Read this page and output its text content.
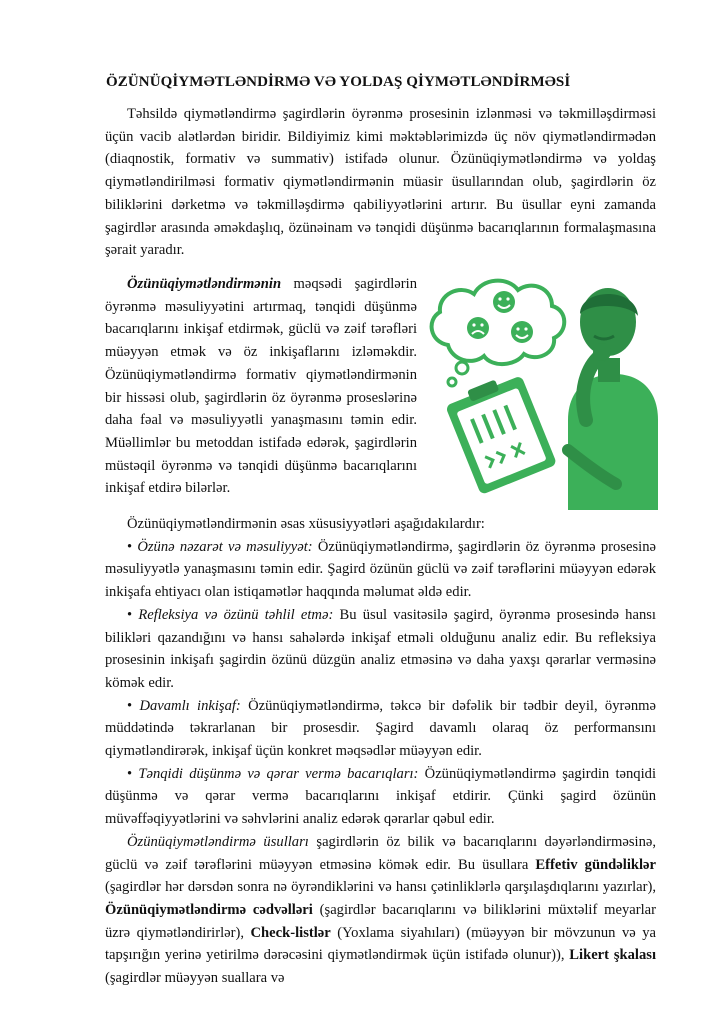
ÖZÜNÜQİYMƏTLƏNDİRMƏ VƏ YOLDAŞ QİYMƏTLƏNDİRMƏSİ

Təhsildə qiymətləndirmə şagirdlərin öyrənmə prosesinin izlənməsi və təkmilləşdirməsi üçün vacib alətlərdən biridir. Bildiyimiz kimi məktəblərimizdə üç növ qiymətləndirmədən (diaqnostik, formativ və summativ) istifadə olunur. Özünüqiymətləndirmə və yoldaş qiymətləndirilməsi formativ qiymətləndirmənin müasir üsullarından olub, şagirdlərin öz biliklərini dərketmə və təkmilləşdirmə qabiliyyətlərini artırır. Bu üsullar eyni zamanda şagirdlər arasında əməkdaşlıq, özünəinam və tənqidi düşünmə bacarıqlarının formalaşmasına şərait yaradır.

Özünüqiymətləndirmənin məqsədi şagirdlərin öyrənmə məsuliyyətini artırmaq, tənqidi düşünmə bacarıqlarını inkişaf etdirmək, güclü və zəif tərəfləri müəyyən etmək və öz inkişaflarını izləməkdir. Özünüqiymətləndirmə formativ qiymətləndirmənin bir hissəsi olub, şagirdlərin öz öyrənmə proseslərinə daha fəal və məsuliyyətli yanaşmasını təmin edir. Müəllimlər bu metoddan istifadə edərək, şagirdlərin müstəqil öyrənmə və tənqidi düşünmə bacarıqlarını inkişaf etdirə bilərlər.

Özünüqiymətləndirmənin əsas xüsusiyyətləri aşağıdakılardır:

• Özünə nəzarət və məsuliyyət: Özünüqiymətləndirmə, şagirdlərin öz öyrənmə prosesinə məsuliyyətlə yanaşmasını təmin edir. Şagird özünün güclü və zəif tərəflərini müəyyən edərək inkişafa ehtiyacı olan istiqamətlər haqqında məlumat əldə edir.

• Refleksiya və özünü təhlil etmə: Bu üsul vasitəsilə şagird, öyrənmə prosesində hansı bilikləri qazandığını və hansı sahələrdə inkişaf etməli olduğunu analiz edir. Bu refleksiya prosesinin inkişafı şagirdin özünü düzgün analiz etməsinə və daha yaxşı qərarlar verməsinə kömək edir.

• Davamlı inkişaf: Özünüqiymətləndirmə, təkcə bir dəfəlik bir tədbir deyil, öyrənmə müddətində təkrarlanan bir prosesdir. Şagird davamlı olaraq öz performansını qiymətləndirərək, inkişaf üçün konkret məqsədlər müəyyən edir.

• Tənqidi düşünmə və qərar vermə bacarıqları: Özünüqiymətləndirmə şagirdin tənqidi düşünmə və qərar vermə bacarıqlarını inkişaf etdirir. Çünki şagird özünün müvəffəqiyyətlərini və səhvlərini analiz edərək qərarlar qəbul edir.

Özünüqiymətləndirmə üsulları şagirdlərin öz bilik və bacarıqlarını dəyərləndirməsinə, güclü və zəif tərəflərini müəyyən etməsinə kömək edir. Bu üsullara Effetiv gündəliklər (şagirdlər hər dərsdən sonra nə öyrəndiklərini və hansı çətinliklərlə qarşılaşdıqlarını yazırlar), Özünüqiymətləndirmə cədvəlləri (şagirdlər bacarıqlarını və biliklərini müxtəlif meyarlar üzrə qiymətləndirirlər), Check-listlər (Yoxlama siyahıları) (müəyyən bir mövzunun və ya tapşırığın yerinə yetirilmə dərəcəsini qiymətləndirmək üçün istifadə olunur)), Likert şkalası (şagirdlər müəyyən suallara və
